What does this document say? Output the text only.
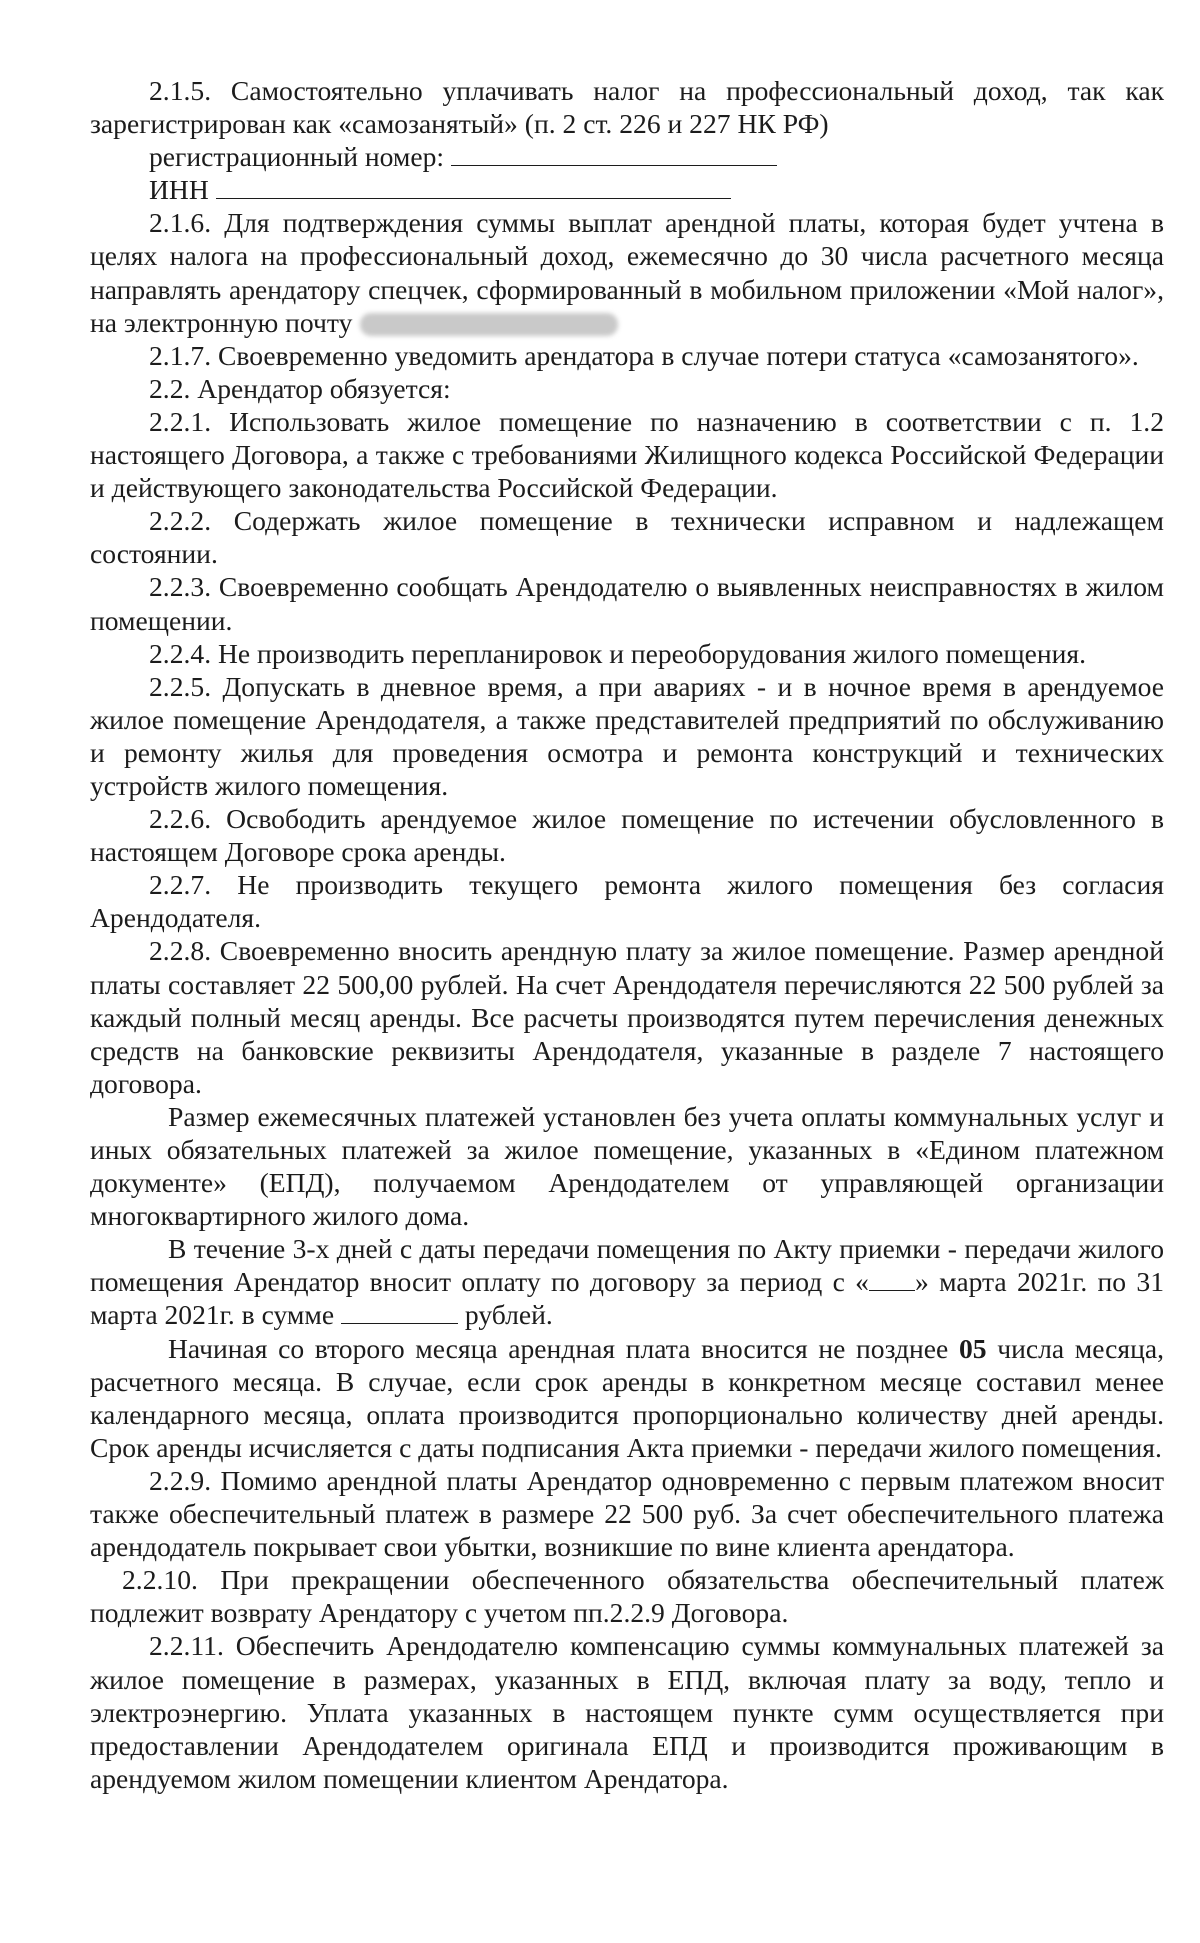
2.1.5. Самостоятельно уплачивать налог на профессиональный доход, так как зарегистрирован как «самозанятый» (п. 2 ст. 226 и 227 НК РФ)

регистрационный номер:

ИНН

2.1.6. Для подтверждения суммы выплат арендной платы, которая будет учтена в целях налога на профессиональный доход, ежемесячно до 30 числа расчетного месяца направлять арендатору спецчек, сформированный в мобильном приложении «Мой налог», на электронную почту

2.1.7. Своевременно уведомить арендатора в случае потери статуса «самозанятого».

2.2. Арендатор обязуется:

2.2.1. Использовать жилое помещение по назначению в соответствии с п. 1.2 настоящего Договора, а также с требованиями Жилищного кодекса Российской Федерации и действующего законодательства Российской Федерации.

2.2.2. Содержать жилое помещение в технически исправном и надлежащем состоянии.

2.2.3. Своевременно сообщать Арендодателю о выявленных неисправностях в жилом помещении.

2.2.4. Не производить перепланировок и переоборудования жилого помещения.

2.2.5. Допускать в дневное время, а при авариях - и в ночное время в арендуемое жилое помещение Арендодателя, а также представителей предприятий по обслуживанию и ремонту жилья для проведения осмотра и ремонта конструкций и технических устройств жилого помещения.

2.2.6. Освободить арендуемое жилое помещение по истечении обусловленного в настоящем Договоре срока аренды.

2.2.7. Не производить текущего ремонта жилого помещения без согласия Арендодателя.

2.2.8. Своевременно вносить арендную плату за жилое помещение. Размер арендной платы составляет 22 500,00 рублей. На счет Арендодателя перечисляются 22 500 рублей за каждый полный месяц аренды. Все расчеты производятся путем перечисления денежных средств на банковские реквизиты Арендодателя, указанные в разделе 7 настоящего договора.

Размер ежемесячных платежей установлен без учета оплаты коммунальных услуг и иных обязательных платежей за жилое помещение, указанных в «Едином платежном документе» (ЕПД), получаемом Арендодателем от управляющей организации многоквартирного жилого дома.

В течение 3-х дней с даты передачи помещения по Акту приемки - передачи жилого помещения Арендатор вносит оплату по договору за период с « » марта 2021г. по 31 марта 2021г. в сумме	рублей.

Начиная со второго месяца арендная плата вносится не позднее 05 числа месяца, расчетного месяца. В случае, если срок аренды в конкретном месяце составил менее календарного месяца, оплата производится пропорционально количеству дней аренды. Срок аренды исчисляется с даты подписания Акта приемки - передачи жилого помещения.

2.2.9. Помимо арендной платы Арендатор одновременно с первым платежом вносит также обеспечительный платеж в размере 22 500 руб. За счет обеспечительного платежа арендодатель покрывает свои убытки, возникшие по вине клиента арендатора.

2.2.10. При прекращении обеспеченного обязательства обеспечительный платеж подлежит возврату Арендатору с учетом пп.2.2.9 Договора.

2.2.11. Обеспечить Арендодателю компенсацию суммы коммунальных платежей за жилое помещение в размерах, указанных в ЕПД, включая плату за воду, тепло и электроэнергию. Уплата указанных в настоящем пункте сумм осуществляется при предоставлении Арендодателем оригинала ЕПД и производится проживающим в арендуемом жилом помещении клиентом Арендатора.
